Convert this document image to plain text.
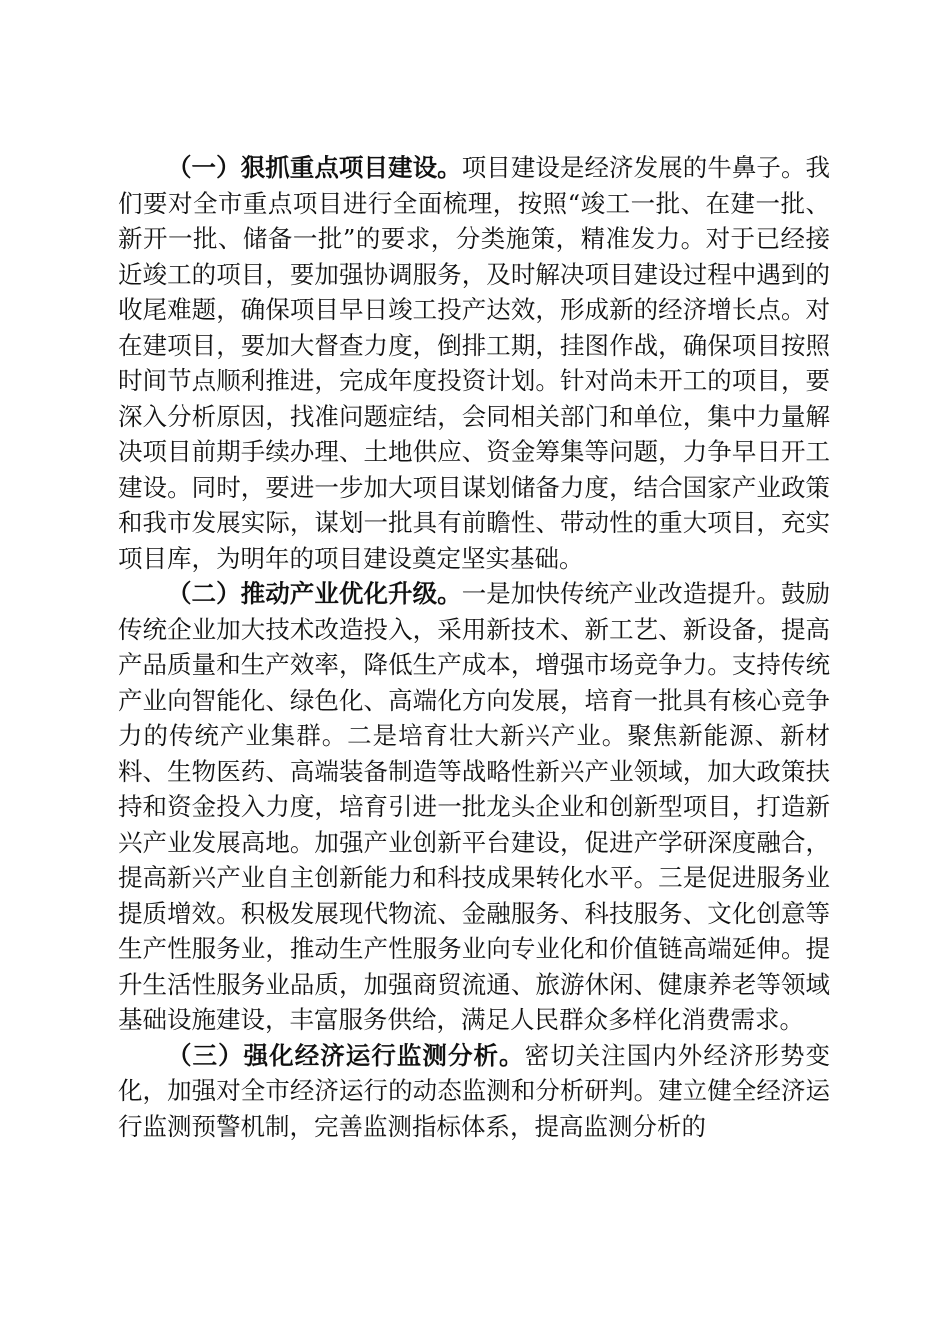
（一）狠抓重点项目建设。项目建设是经济发展的牛鼻子。我们要对全市重点项目进行全面梳理，按照“竣工一批、在建一批、新开一批、储备一批”的要求，分类施策，精准发力。对于已经接近竣工的项目，要加强协调服务，及时解决项目建设过程中遇到的收尾难题，确保项目早日竣工投产达效，形成新的经济增长点。对在建项目，要加大督查力度，倒排工期，挂图作战，确保项目按照时间节点顺利推进，完成年度投资计划。针对尚未开工的项目，要深入分析原因，找准问题症结，会同相关部门和单位，集中力量解决项目前期手续办理、土地供应、资金筹集等问题，力争早日开工建设。同时，要进一步加大项目谋划储备力度，结合国家产业政策和我市发展实际，谋划一批具有前瞻性、带动性的重大项目，充实项目库，为明年的项目建设奠定坚实基础。

（二）推动产业优化升级。一是加快传统产业改造提升。鼓励传统企业加大技术改造投入，采用新技术、新工艺、新设备，提高产品质量和生产效率，降低生产成本，增强市场竞争力。支持传统产业向智能化、绿色化、高端化方向发展，培育一批具有核心竞争力的传统产业集群。二是培育壮大新兴产业。聚焦新能源、新材料、生物医药、高端装备制造等战略性新兴产业领域，加大政策扶持和资金投入力度，培育引进一批龙头企业和创新型项目，打造新兴产业发展高地。加强产业创新平台建设，促进产学研深度融合，提高新兴产业自主创新能力和科技成果转化水平。三是促进服务业提质增效。积极发展现代物流、金融服务、科技服务、文化创意等生产性服务业，推动生产性服务业向专业化和价值链高端延伸。提升生活性服务业品质，加强商贸流通、旅游休闲、健康养老等领域基础设施建设，丰富服务供给，满足人民群众多样化消费需求。

（三）强化经济运行监测分析。密切关注国内外经济形势变化，加强对全市经济运行的动态监测和分析研判。建立健全经济运行监测预警机制，完善监测指标体系，提高监测分析的
